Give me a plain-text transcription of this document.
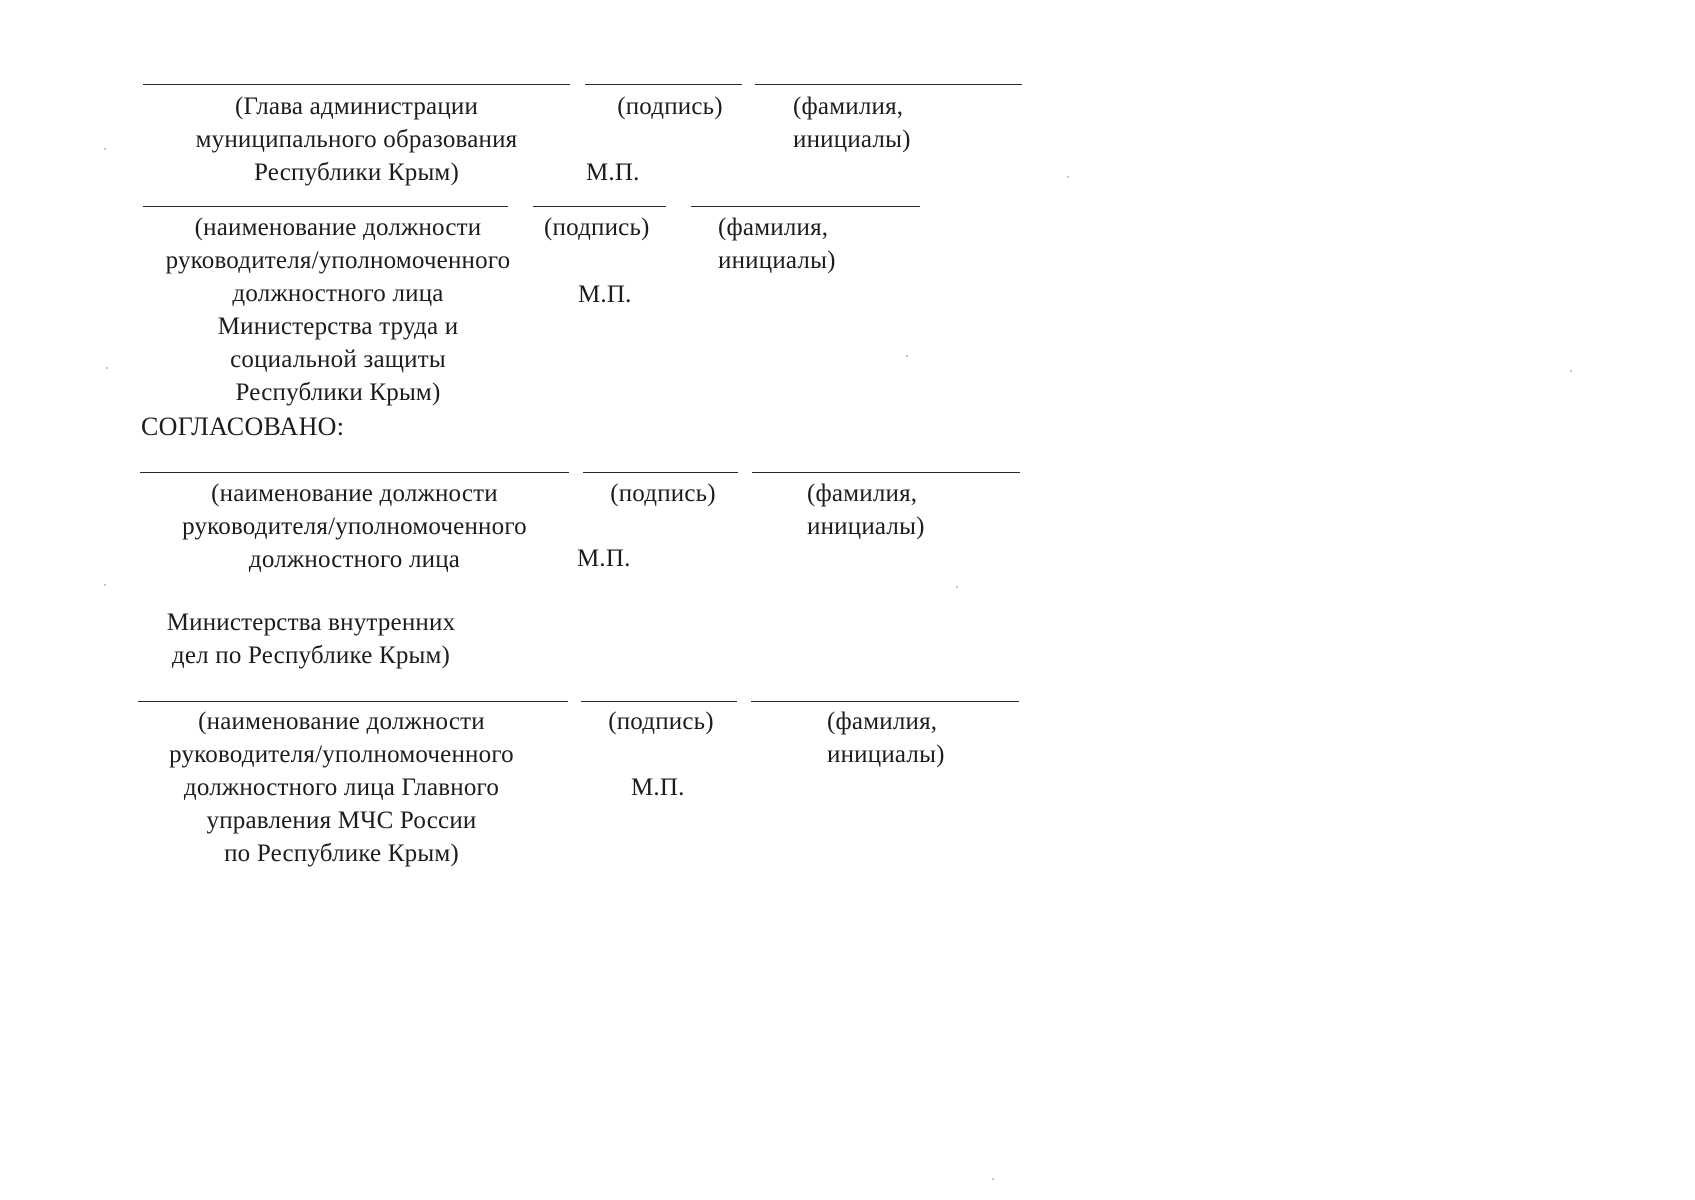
(Глава администрации
муниципального образования
Республики Крым)
(подпись)
М.П.
(фамилия,
инициалы)
(наименование должности
руководителя/уполномоченного
должностного лица
Министерства труда и
социальной защиты
Республики Крым)
(подпись)
М.П.
(фамилия,
инициалы)
СОГЛАСОВАНО:
(наименование должности
руководителя/уполномоченного
должностного лица
Министерства внутренних
дел по Республике Крым)
(подпись)
М.П.
(фамилия,
инициалы)
(наименование должности
руководителя/уполномоченного
должностного лица Главного
управления МЧС России
по Республике Крым)
(подпись)
М.П.
(фамилия,
инициалы)
